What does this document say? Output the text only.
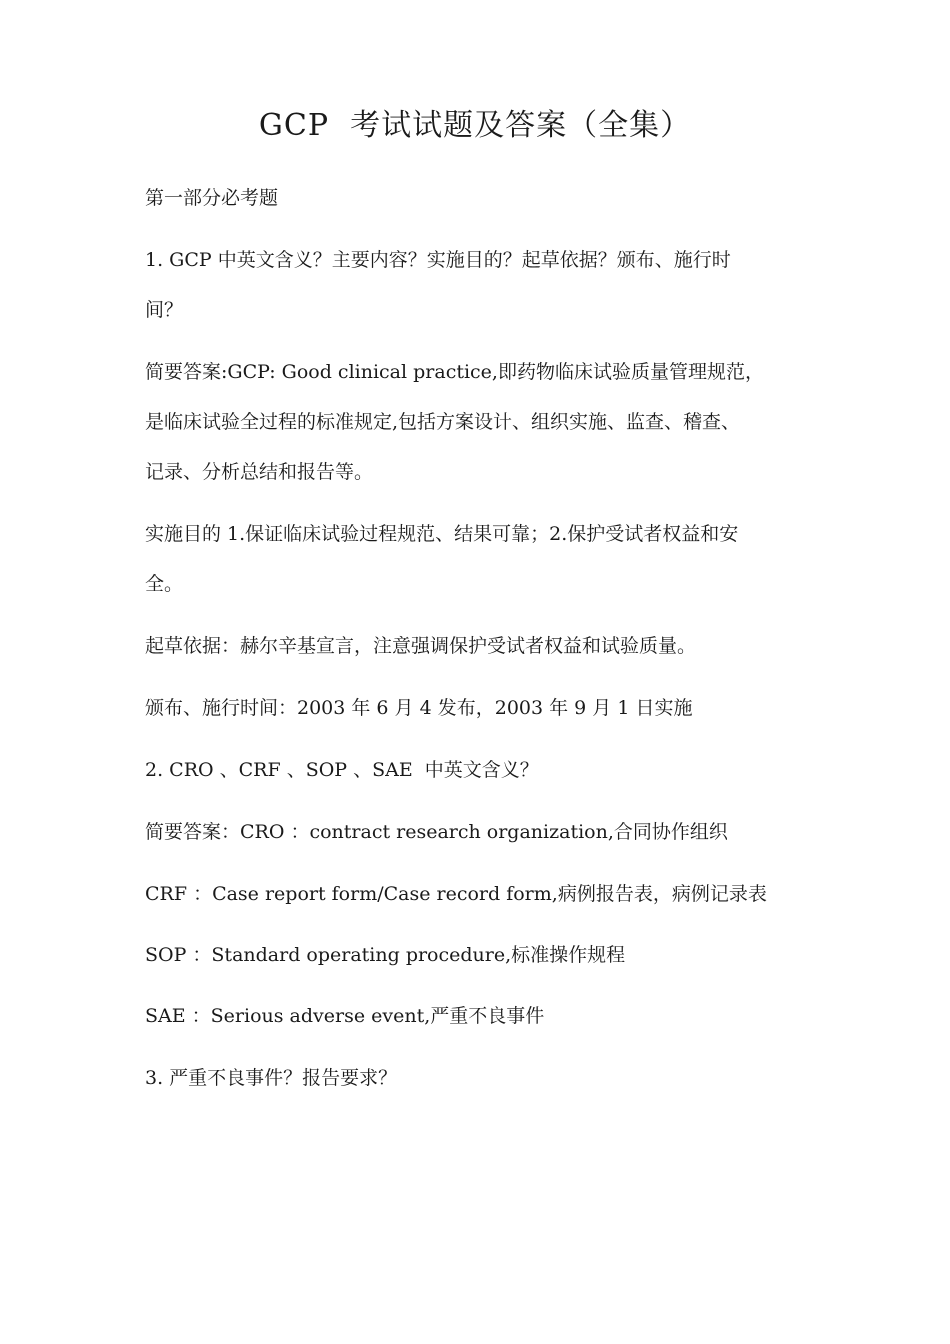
GCP  考试试题及答案（全集）
第一部分必考题
1. GCP 中英文含义？主要内容？实施目的？起草依据？颁布、施行时
间？
简要答案:GCP: Good clinical practice,即药物临床试验质量管理规范，
是临床试验全过程的标准规定,包括方案设计、组织实施、监查、稽查、
记录、分析总结和报告等。
实施目的 1.保证临床试验过程规范、结果可靠；2.保护受试者权益和安
全。
起草依据：赫尔辛基宣言，注意强调保护受试者权益和试验质量。
颁布、施行时间：2003 年 6 月 4 发布，2003 年 9 月 1 日实施
2. CRO 、CRF 、SOP 、SAE  中英文含义？
简要答案：CRO ：contract research organization,合同协作组织
CRF ：Case report form/Case record form,病例报告表，病例记录表
SOP ：Standard operating procedure,标准操作规程
SAE ：Serious adverse event,严重不良事件
3. 严重不良事件？报告要求？
